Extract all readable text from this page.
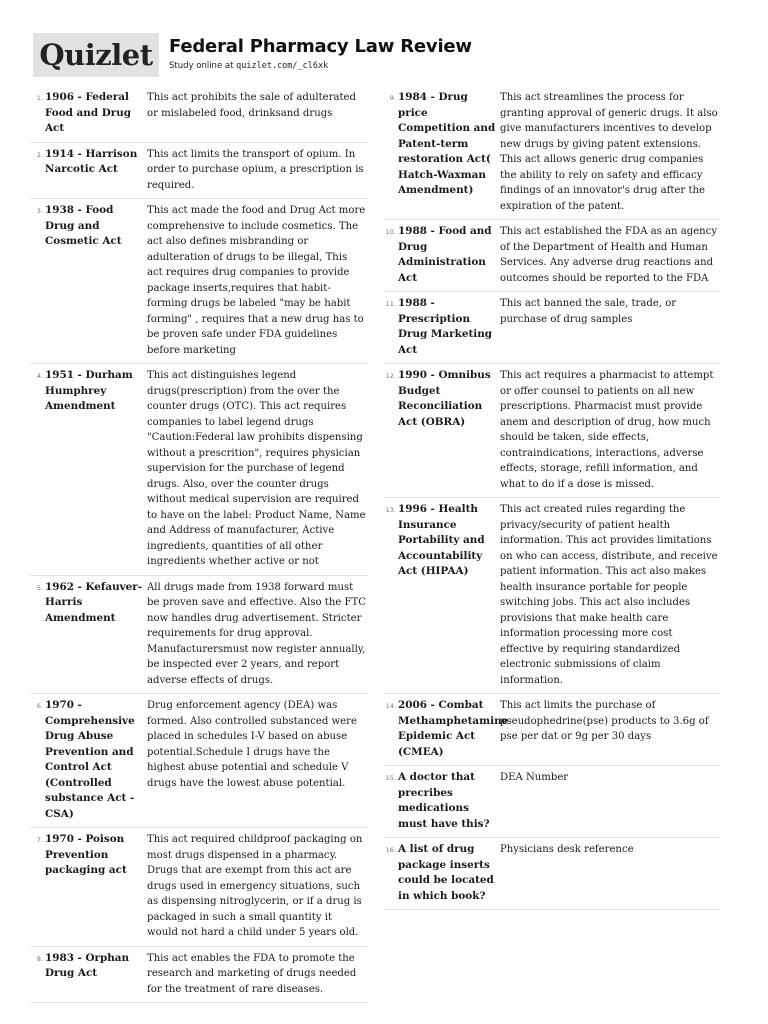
Quizlet Federal Pharmacy Law Review
Study online at quizlet.com/_cl6xk
1. 1906 - Federal Food and Drug Act
This act prohibits the sale of adulterated or mislabeled food, drinksand drugs
2. 1914 - Harrison Narcotic Act
This act limits the transport of opium. In order to purchase opium, a prescription is required.
3. 1938 - Food Drug and Cosmetic Act
This act made the food and Drug Act more comprehensive to include cosmetics. The act also defines misbranding or adulteration of drugs to be illegal, This act requires drug companies to provide package inserts,requires that habit-forming drugs be labeled "may be habit forming" , requires that a new drug has to be proven safe under FDA guidelines before marketing
4. 1951 - Durham Humphrey Amendment
This act distinguishes legend drugs(prescription) from the over the counter drugs (OTC). This act requires companies to label legend drugs "Caution:Federal law prohibits dispensing without a prescrition", requires physician supervision for the purchase of legend drugs. Also, over the counter drugs without medical supervision are required to have on the label: Product Name, Name and Address of manufacturer, Active ingredients, quantities of all other ingredients whether active or not
5. 1962 - Kefauver-Harris Amendment
All drugs made from 1938 forward must be proven save and effective. Also the FTC now handles drug advertisement. Stricter requirements for drug approval. Manufacturersmust now register annually, be inspected ever 2 years, and report adverse effects of drugs.
6. 1970 - Comprehensive Drug Abuse Prevention and Control Act (Controlled substance Act - CSA)
Drug enforcement agency (DEA) was formed. Also controlled substanced were placed in schedules I-V based on abuse potential.Schedule I drugs have the highest abuse potential and schedule V drugs have the lowest abuse potential.
7. 1970 - Poison Prevention packaging act
This act required childproof packaging on most drugs dispensed in a pharmacy. Drugs that are exempt from this act are drugs used in emergency situations, such as dispensing nitroglycerin, or if a drug is packaged in such a small quantity it would not hard a child under 5 years old.
8. 1983 - Orphan Drug Act
This act enables the FDA to promote the research and marketing of drugs needed for the treatment of rare diseases.
9. 1984 - Drug price Competition and Patent-term restoration Act( Hatch-Waxman Amendment)
This act streamlines the process for granting approval of generic drugs. It also give manufacturers incentives to develop new drugs by giving patent extensions. This act allows generic drug companies the ability to rely on safety and efficacy findings of an innovator's drug after the expiration of the patent.
10. 1988 - Food and Drug Administration Act
This act established the FDA as an agency of the Department of Health and Human Services. Any adverse drug reactions and outcomes should be reported to the FDA
11. 1988 - Prescription Drug Marketing Act
This act banned the sale, trade, or purchase of drug samples
12. 1990 - Omnibus Budget Reconciliation Act (OBRA)
This act requires a pharmacist to attempt or offer counsel to patients on all new prescriptions. Pharmacist must provide anem and description of drug, how much should be taken, side effects, contraindications, interactions, adverse effects, storage, refill information, and what to do if a dose is missed.
13. 1996 - Health Insurance Portability and Accountability Act (HIPAA)
This act created rules regarding the privacy/security of patient health information. This act provides limitations on who can access, distribute, and receive patient information. This act also makes health insurance portable for people switching jobs. This act also includes provisions that make health care information processing more cost effective by requiring standardized electronic submissions of claim information.
14. 2006 - Combat Methamphetamine Epidemic Act (CMEA)
This act limits the purchase of pseudophedrine(pse) products to 3.6g of pse per dat or 9g per 30 days
15. A doctor that precribes medications must have this?
DEA Number
16. A list of drug package inserts could be located in which book?
Physicians desk reference
